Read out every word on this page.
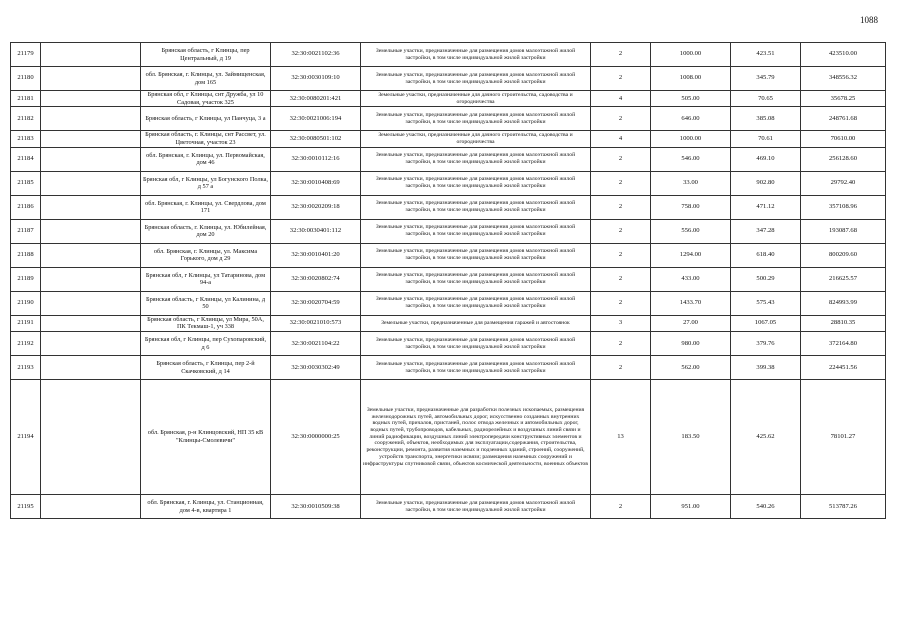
1088
21179		Брянская область, г Клинцы, пер Центральный, д 19	32:30:0021102:36	Земельные участки, предназначенные для размещения домов малоэтажной жилой застройки, в том числе индивидуальной жилой застройки	2	1000.00	423.51	423510.00
21180		обл. Брянская, г. Клинцы, ул. Займищенская, дом 165	32:30:0030109:10	Земельные участки, предназначенные для размещения домов малоэтажной жилой застройки, в том числе индивидуальной жилой застройки	2	1008.00	345.79	348556.32
21181		Брянская обл, г Клинцы, снт Дружба, ул 10 Садовая, участок 325	32:30:0080201:421	Земельные участки, предназначенные для дачного строительства, садоводства и огородничества	4	505.00	70.65	35678.25
21182		Брянская область, г Клинцы, ул Панчуца, 3 а	32:30:0021006:194	Земельные участки, предназначенные для размещения домов малоэтажной жилой застройки, в том числе индивидуальной жилой застройки	2	646.00	385.08	248761.68
21183		Брянская область, г. Клинцы, снт Рассвет, ул. Цветочная, участок 23	32:30:0080501:102	Земельные участки, предназначенные для дачного строительства, садоводства и огородничества	4	1000.00	70.61	70610.00
21184		обл. Брянская, г. Клинцы, ул. Первомайская, дом 46	32:30:0010112:16	Земельные участки, предназначенные для размещения домов малоэтажной жилой застройки, в том числе индивидуальной жилой застройки	2	546.00	469.10	256128.60
21185		Брянская обл, г Клинцы, ул Богунского Полка, д 57 а	32:30:0010408:69	Земельные участки, предназначенные для размещения домов малоэтажной жилой застройки, в том числе индивидуальной жилой застройки	2	33.00	902.80	29792.40
21186		обл. Брянская, г. Клинцы, ул. Свердлова, дом 171	32:30:0020209:18	Земельные участки, предназначенные для размещения домов малоэтажной жилой застройки, в том числе индивидуальной жилой застройки	2	758.00	471.12	357108.96
21187		Брянская область, г. Клинцы, ул. Юбилейная, дом 20	32:30:0030401:112	Земельные участки, предназначенные для размещения домов малоэтажной жилой застройки, в том числе индивидуальной жилой застройки	2	556.00	347.28	193087.68
21188		обл. Брянская, г. Клинцы, ул. Максима Горького, дом д 29	32:30:0010401:20	Земельные участки, предназначенные для размещения домов малоэтажной жилой застройки, в том числе индивидуальной жилой застройки	2	1294.00	618.40	800209.60
21189		Брянская обл, г Клинцы, ул Татаринова, дом 94-а	32:30:0020802:74	Земельные участки, предназначенные для размещения домов малоэтажной жилой застройки, в том числе индивидуальной жилой застройки	2	433.00	500.29	216625.57
21190		Брянская область, г Клинцы, ул Калинина, д 50	32:30:0020704:59	Земельные участки, предназначенные для размещения домов малоэтажной жилой застройки, в том числе индивидуальной жилой застройки	2	1433.70	575.43	824993.99
21191		Брянская область, г Клинцы, ул Мира, 50А, ПК Текмаш-1, уч 338	32:30:0021010:573	Земельные участки, предназначенные для размещения гаражей и автостоянок	3	27.00	1067.05	28810.35
21192		Брянская обл, г Клинцы, пер Сухопаровский, д 6	32:30:0021104:22	Земельные участки, предназначенные для размещения домов малоэтажной жилой застройки, в том числе индивидуальной жилой застройки	2	980.00	379.76	372164.80
21193		Брянская область, г Клинцы, пер 2-й Скачковский, д 14	32:30:0030302:49	Земельные участки, предназначенные для размещения домов малоэтажной жилой застройки, в том числе индивидуальной жилой застройки	2	562.00	399.38	224451.56
21194		обл. Брянская, р-н Клинцовский, НП 35 кВ "Клинцы-Смолевичи"	32:30:0000000:25	Земельные участки, предназначенные для разработки полезных ископаемых, размещения железнодорожных путей, автомобильных дорог, искусственно созданных внутренних водных путей, причалов, пристаней, полос отвода железных и автомобильных дорог, водных путей, трубопроводов, кабельных, радиорелейных и воздушных линий связи и линий радиофикации, воздушных линий электропередачи конструктивных элементов и сооружений, объектов, необходимых для эксплуатации,содержания, строительства, реконструкции, ремонта, развития наземных и подземных зданий, строений, сооружений, устройств транспорта, энергетики исвязи; размещения наземных сооружений и инфраструктуры спутниковой связи, объектов космической деятельности, военных объектов	13	183.50	425.62	78101.27
21195		обл. Брянская, г. Клинцы, ул. Станционная, дом 4-в, квартира 1	32:30:0010509:38	Земельные участки, предназначенные для размещения домов малоэтажной жилой застройки, в том числе индивидуальной жилой застройки	2	951.00	540.26	513787.26
